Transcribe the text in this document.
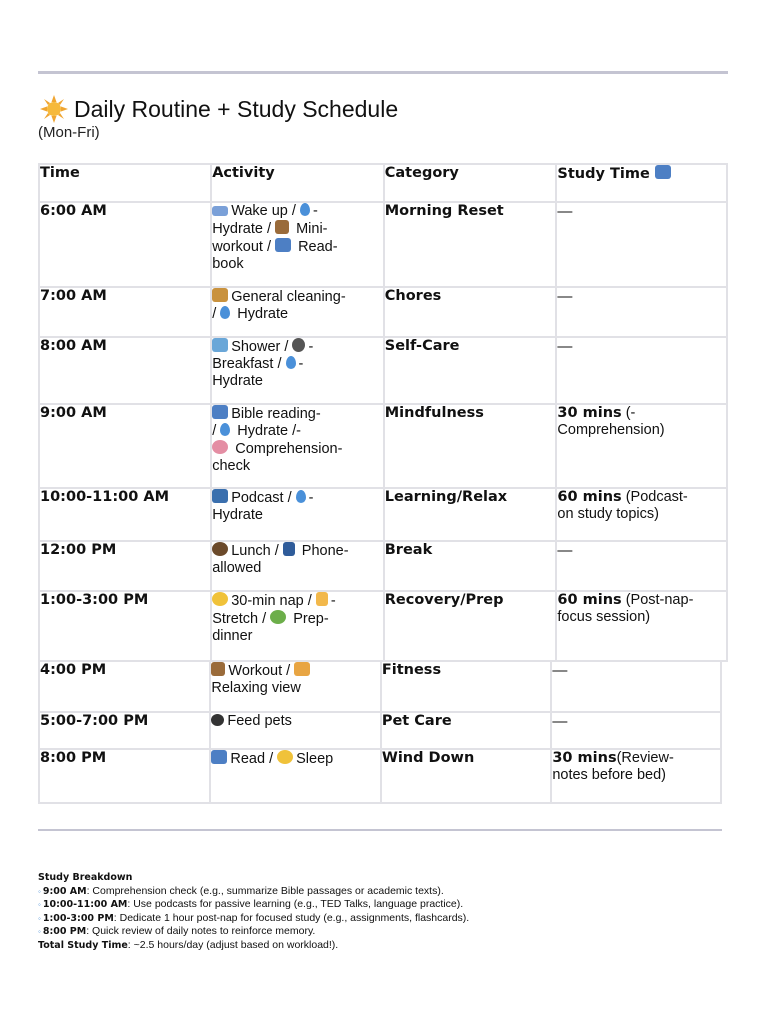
Daily Routine + Study Schedule
(Mon-Fri)
Time	Activity	Category	Study Time
6:00 AM	Wake up / -
Hydrate /  Mini-
workout /  Read-
book	Morning Reset	—
7:00 AM	General cleaning-
/  Hydrate	Chores	—
8:00 AM	Shower / -
Breakfast / -
Hydrate	Self-Care	—
9:00 AM	Bible reading-
/  Hydrate /-
Comprehension-
check	Mindfulness	30 mins (-
Comprehension)
10:00-11:00 AM	Podcast / -
Hydrate	Learning/Relax	60 mins (Podcast-
on study topics)
12:00 PM	Lunch /  Phone-
allowed	Break	—
1:00-3:00 PM	30-min nap / -
Stretch /  Prep-
dinner	Recovery/Prep	60 mins (Post-nap-
focus session)
4:00 PM	Workout /
Relaxing view	Fitness	—
5:00-7:00 PM	Feed pets	Pet Care	—
8:00 PM	Read / Sleep	Wind Down	30 mins(Review-
notes before bed)
Study Breakdown
◦ 9:00 AM: Comprehension check (e.g., summarize Bible passages or academic texts).
◦ 10:00-11:00 AM: Use podcasts for passive learning (e.g., TED Talks, language practice).
◦ 1:00-3:00 PM: Dedicate 1 hour post-nap for focused study (e.g., assignments, flashcards).
◦ 8:00 PM: Quick review of daily notes to reinforce memory.
Total Study Time: ~2.5 hours/day (adjust based on workload!).
